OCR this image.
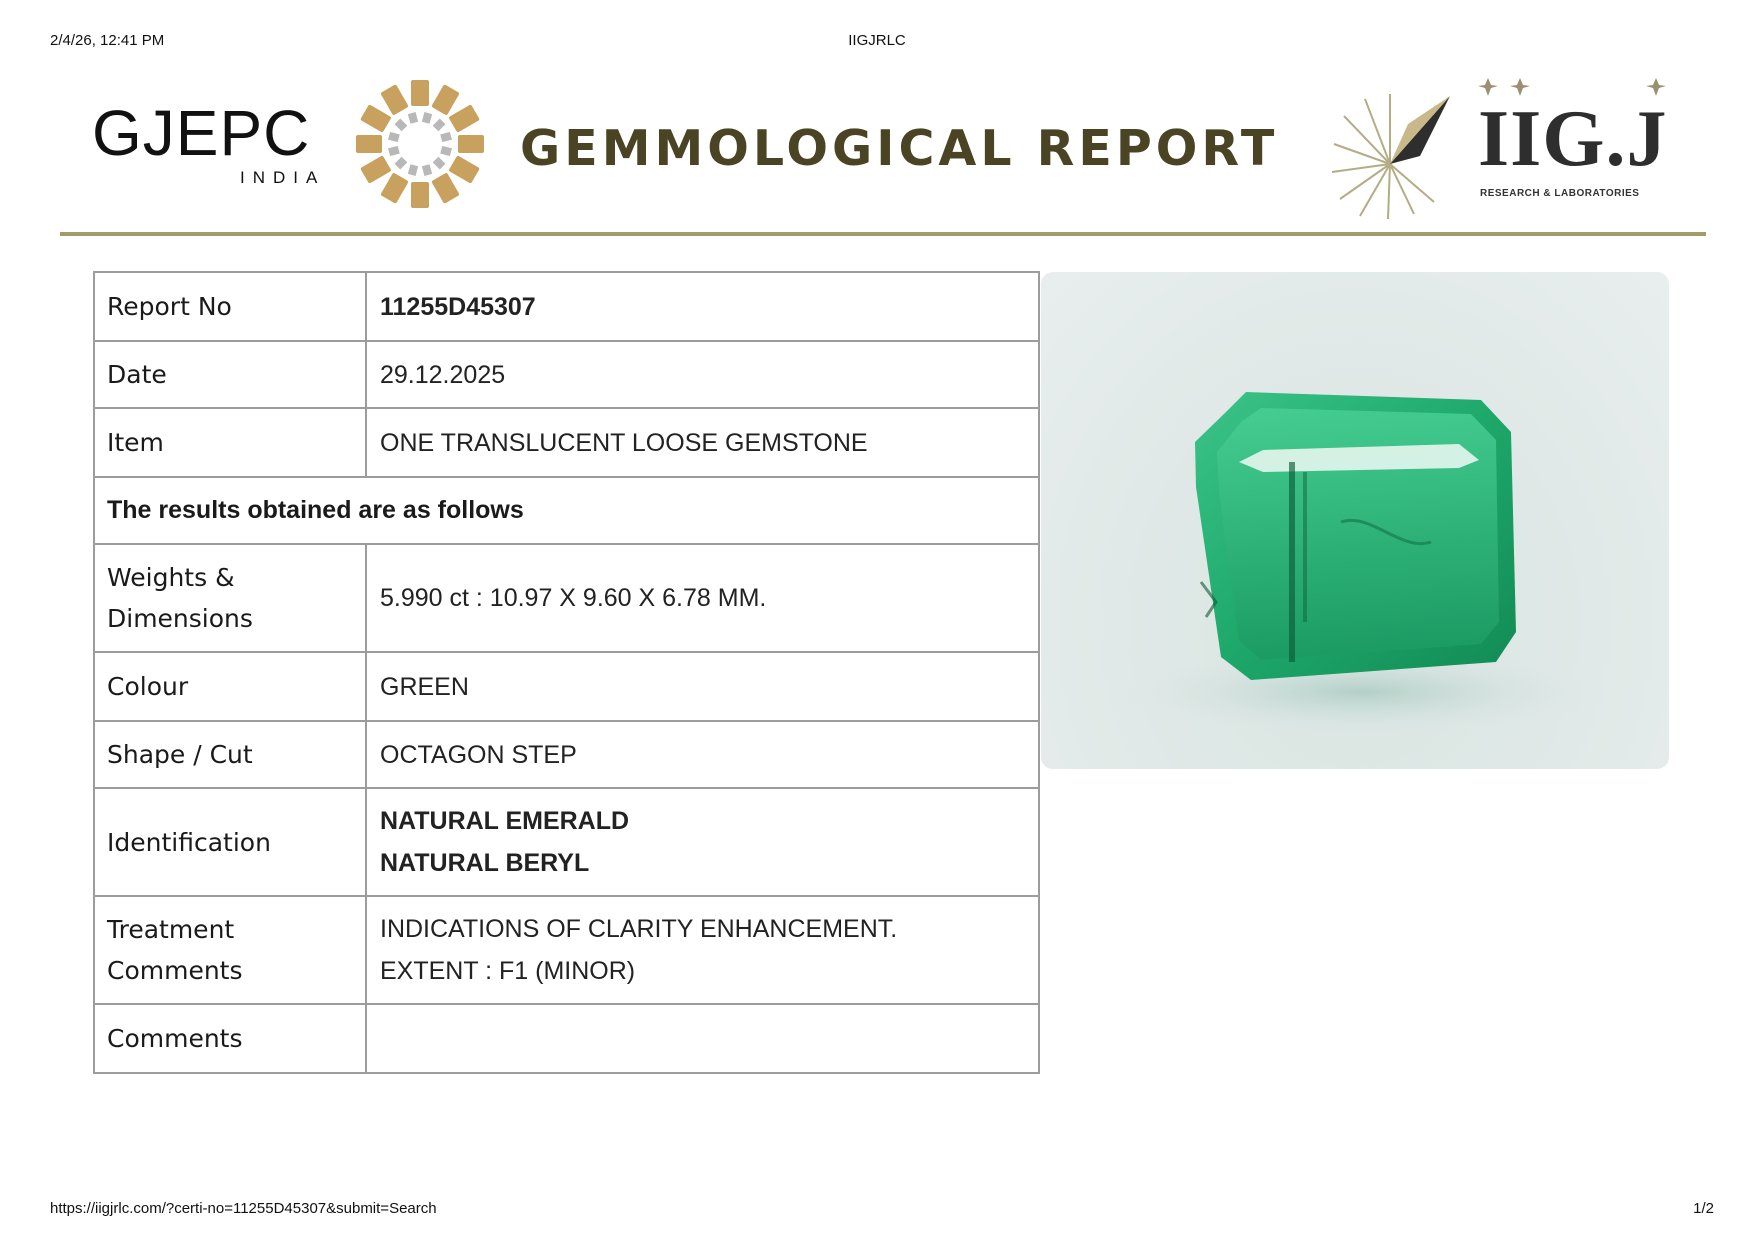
2/4/26, 12:41 PM	IIGJRLC
GJEPC
INDIA
GEMMOLOGICAL REPORT IIG.J
RESEARCH & LABORATORIES
Report No	11255D45307
Date	29.12.2025
Item	ONE TRANSLUCENT LOOSE GEMSTONE
The results obtained are as follows	

Weights &
Dimensions	5.990 ct : 10.97 X 9.60 X 6.78 MM.
Colour	GREEN
Shape / Cut	OCTAGON STEP
Identification	NATURAL EMERALD
NATURAL BERYL

Treatment
Comments	INDICATIONS OF CLARITY ENHANCEMENT.
EXTENT : F1 (MINOR)

Comments	
https://iigjrlc.com/?certi-no=11255D45307&submit=Search	1/2
